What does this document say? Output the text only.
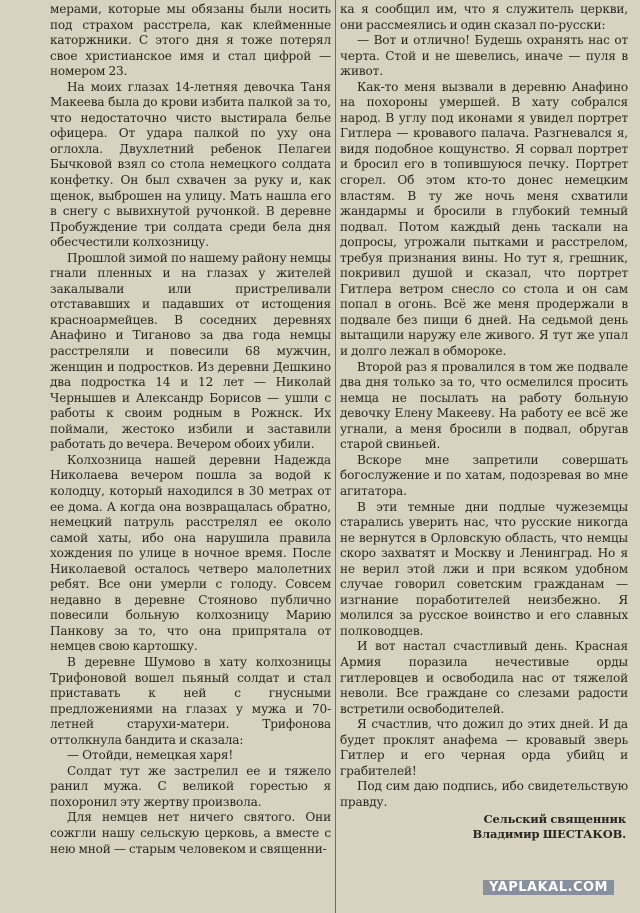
мерами, которые мы обязаны были носить под страхом расстрела, как клейменные каторжники. С этого дня я тоже потерял свое христианское имя и стал цифрой — номером 23.

На моих глазах 14-летняя девочка Таня Макеева была до крови избита палкой за то, что недостаточно чисто выстирала белье офицера. От удара палкой по уху она оглохла. Двухлетний ребенок Пелагеи Бычковой взял со стола немецкого солдата конфетку. Он был схвачен за руку и, как щенок, выброшен на улицу. Мать нашла его в снегу с вывихнутой ручонкой. В деревне Пробуждение три солдата среди бела дня обесчестили колхозницу.

Прошлой зимой по нашему району немцы гнали пленных и на глазах у жителей закалывали или пристреливали отстававших и падавших от истощения красноармейцев. В соседних деревнях Анафино и Тиганово за два года немцы расстреляли и повесили 68 мужчин, женщин и подростков. Из деревни Дешкино два подростка 14 и 12 лет — Николай Чернышев и Александр Борисов — ушли с работы к своим родным в Рожнск. Их поймали, жестоко избили и заставили работать до вечера. Вечером обоих убили.

Колхозница нашей деревни Надежда Николаева вечером пошла за водой к колодцу, который находился в 30 метрах от ее дома. А когда она возвращалась обратно, немецкий патруль расстрелял ее около самой хаты, ибо она нарушила правила хождения по улице в ночное время. После Николаевой осталось четверо малолетних ребят. Все они умерли с голоду. Совсем недавно в деревне Стояново публично повесили больную колхозницу Марию Панкову за то, что она припрятала от немцев свою картошку.

В деревне Шумово в хату колхозницы Трифоновой вошел пьяный солдат и стал приставать к ней с гнусными предложениями на глазах у мужа и 70-летней старухи-матери. Трифонова оттолкнула бандита и сказала:

— Отойди, немецкая харя!

Солдат тут же застрелил ее и тяжело ранил мужа. С великой горестью я похоронил эту жертву произвола.

Для немцев нет ничего святого. Они сожгли нашу сельскую церковь, а вместе с нею мной — старым человеком и священни-

ка я сообщил им, что я служитель церкви, они рассмеялись и один сказал по-русски:

— Вот и отлично! Будешь охранять нас от черта. Стой и не шевелись, иначе — пуля в живот.

Как-то меня вызвали в деревню Анафино на похороны умершей. В хату собрался народ. В углу под иконами я увидел портрет Гитлера — кровавого палача. Разгневался я, видя подобное кощунство. Я сорвал портрет и бросил его в топившуюся печку. Портрет сгорел. Об этом кто-то донес немецким властям. В ту же ночь меня схватили жандармы и бросили в глубокий темный подвал. Потом каждый день таскали на допросы, угрожали пытками и расстрелом, требуя признания вины. Но тут я, грешник, покривил душой и сказал, что портрет Гитлера ветром снесло со стола и он сам попал в огонь. Всё же меня продержали в подвале без пищи 6 дней. На седьмой день вытащили наружу еле живого. Я тут же упал и долго лежал в обмороке.

Второй раз я провалился в том же подвале два дня только за то, что осмелился просить немца не посылать на работу больную девочку Елену Макееву. На работу ее всё же угнали, а меня бросили в подвал, обругав старой свиньей.

Вскоре мне запретили совершать богослужение и по хатам, подозревая во мне агитатора.

В эти темные дни подлые чужеземцы старались уверить нас, что русские никогда не вернутся в Орловскую область, что немцы скоро захватят и Москву и Ленинград. Но я не верил этой лжи и при всяком удобном случае говорил советским гражданам — изгнание поработителей неизбежно. Я молился за русское воинство и его славных полководцев.

И вот настал счастливый день. Красная Армия поразила нечестивые орды гитлеровцев и освободила нас от тяжелой неволи. Все граждане со слезами радости встретили освободителей.

Я счастлив, что дожил до этих дней. И да будет проклят анафема — кровавый зверь Гитлер и его черная орда убийц и грабителей!

Под сим даю подпись, ибо свидетельствую правду.

Сельский священник
Владимир ШЕСТАКОВ.
YAPLAKAL.COM
